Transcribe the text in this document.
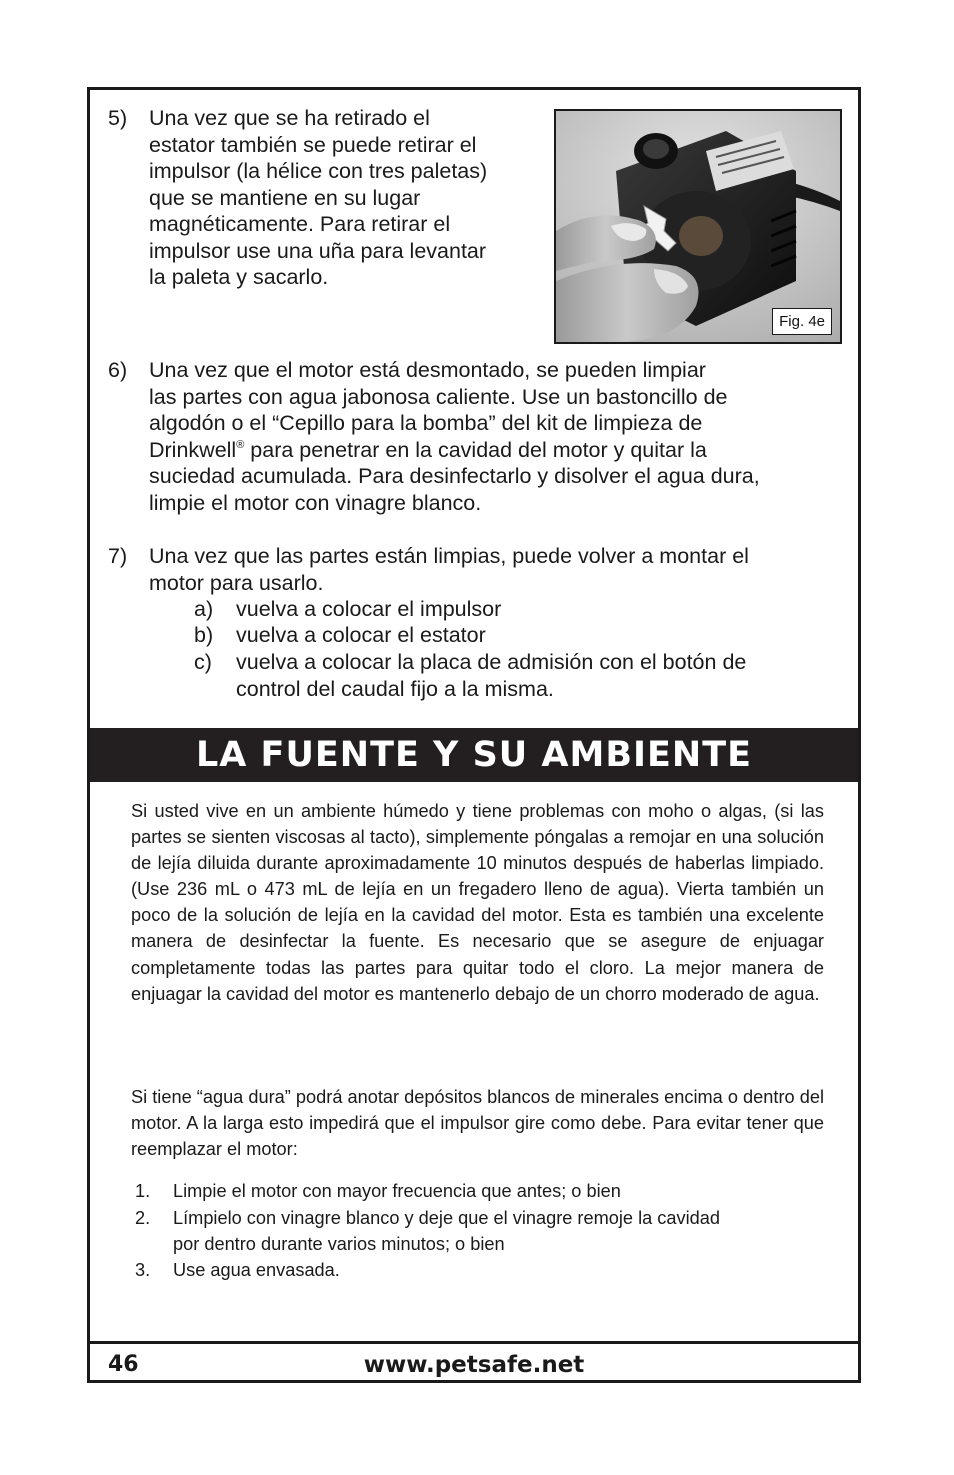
5) Una vez que se ha retirado el
estator también se puede retirar el
impulsor (la hélice con tres paletas)
que se mantiene en su lugar
magnéticamente. Para retirar el
impulsor use una uña para levantar
la paleta y sacarlo.
Fig. 4e
6) Una vez que el motor está desmontado, se pueden limpiar
las partes con agua jabonosa caliente. Use un bastoncillo de
algodón o el “Cepillo para la bomba” del kit de limpieza de
Drinkwell® para penetrar en la cavidad del motor y quitar la
suciedad acumulada. Para desinfectarlo y disolver el agua dura,
limpie el motor con vinagre blanco.
7) Una vez que las partes están limpias, puede volver a montar el
motor para usarlo.
a) vuelva a colocar el impulsor
b) vuelva a colocar el estator
c) vuelva a colocar la placa de admisión con el botón de
control del caudal fijo a la misma.
LA FUENTE Y SU AMBIENTE
Si usted vive en un ambiente húmedo y tiene problemas con moho o algas, (si las partes se sienten viscosas al tacto), simplemente póngalas a remojar en una solución de lejía diluida durante aproximadamente 10 minutos después de haberlas limpiado. (Use 236 mL o 473 mL de lejía en un fregadero lleno de agua). Vierta también un poco de la solución de lejía en la cavidad del motor. Esta es también una excelente manera de desinfectar la fuente. Es necesario que se asegure de enjuagar completamente todas las partes para quitar todo el cloro. La mejor manera de enjuagar la cavidad del motor es mantenerlo debajo de un chorro moderado de agua.
Si tiene “agua dura” podrá anotar depósitos blancos de minerales encima o dentro del motor. A la larga esto impedirá que el impulsor gire como debe. Para evitar tener que reemplazar el motor:
1. Limpie el motor con mayor frecuencia que antes; o bien
2. Límpielo con vinagre blanco y deje que el vinagre remoje la cavidad
por dentro durante varios minutos; o bien
3. Use agua envasada.
46	www.petsafe.net
